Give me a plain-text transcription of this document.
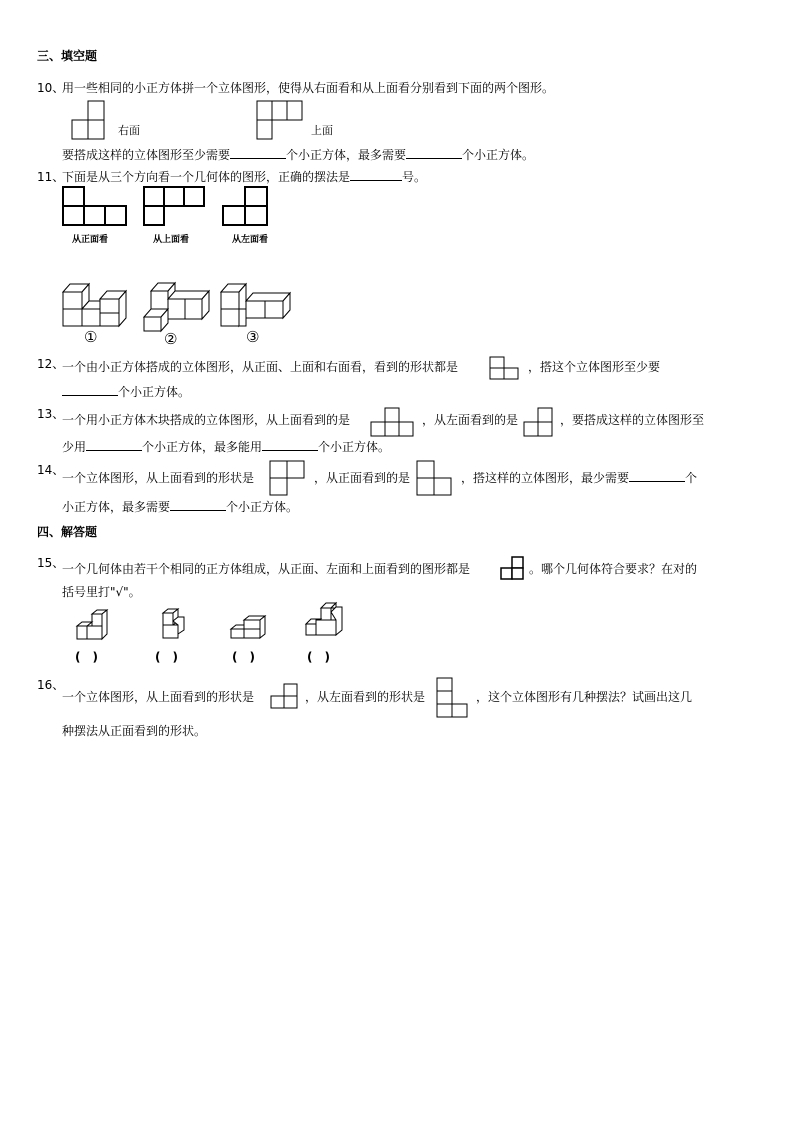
三、填空题
10、
用一些相同的小正方体拼一个立体图形，使得从右面看和从上面看分别看到下面的两个图形。
右面	上面
要搭成这样的立体图形至少需要	个小正方体，最多需要	个小正方体。
11、
下面是从三个方向看一个几何体的图形，正确的摆法是	号。
从正面看	从上面看	从左面看
①	②	③
12、
一个由小正方体搭成的立体图形，从正面、上面和右面看，看到的形状都是	，搭这个立体图形至少要
个小正方体。
13、
一个用小正方体木块搭成的立体图形，从上面看到的是	，从左面看到的是	，要搭成这样的立体图形至
少用	个小正方体，最多能用	个小正方体。
14、
一个立体图形，从上面看到的形状是	，从正面看到的是	，搭这样的立体图形，最少需要	个
小正方体，最多需要	个小正方体。
四、解答题
15、
一个几何体由若干个相同的正方体组成，从正面、左面和上面看到的图形都是	。哪个几何体符合要求？在对的
括号里打"√"。
(　)	(　)	(　)	(　)
16、
一个立体图形，从上面看到的形状是	，从左面看到的形状是	，这个立体图形有几种摆法？试画出这几
种摆法从正面看到的形状。
